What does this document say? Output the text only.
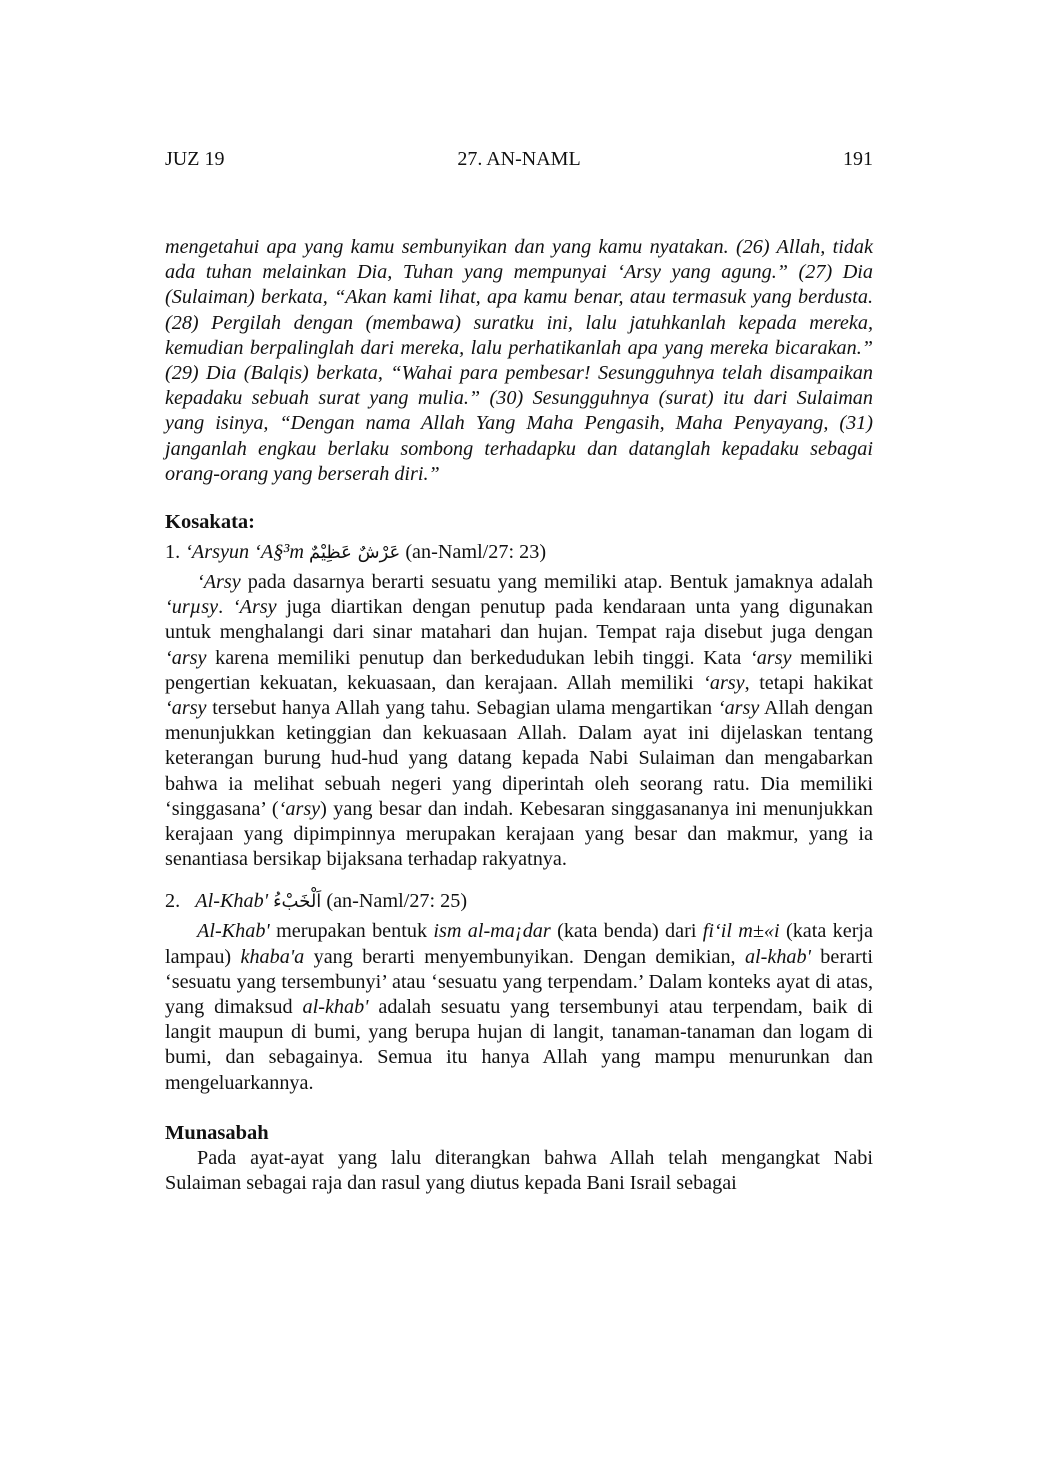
JUZ 19	27. AN-NAML	191

mengetahui apa yang kamu sembunyikan dan yang kamu nyatakan. (26) Allah, tidak ada tuhan melainkan Dia, Tuhan yang mempunyai ‘Arsy yang agung.” (27) Dia (Sulaiman) berkata, “Akan kami lihat, apa kamu benar, atau termasuk yang berdusta. (28) Pergilah dengan (membawa) suratku ini, lalu jatuhkanlah kepada mereka, kemudian berpalinglah dari mereka, lalu perhatikanlah apa yang mereka bicarakan.” (29) Dia (Balqis) berkata, “Wahai para pembesar! Sesungguhnya telah disampaikan kepadaku sebuah surat yang mulia.” (30) Sesungguhnya (surat) itu dari Sulaiman yang isinya, “Dengan nama Allah Yang Maha Pengasih, Maha Penyayang, (31) janganlah engkau berlaku sombong terhadapku dan datanglah kepadaku sebagai orang-orang yang berserah diri.”

Kosakata:
1. ‘Arsyun ‘A§³m عَرْشٌ عَظِيْمٌ (an-Naml/27: 23)

‘Arsy pada dasarnya berarti sesuatu yang memiliki atap. Bentuk jamaknya adalah ‘urµsy. ‘Arsy juga diartikan dengan penutup pada kendaraan unta yang digunakan untuk menghalangi dari sinar matahari dan hujan. Tempat raja disebut juga dengan ‘arsy karena memiliki penutup dan berkedudukan lebih tinggi. Kata ‘arsy memiliki pengertian kekuatan, kekuasaan, dan kerajaan. Allah memiliki ‘arsy, tetapi hakikat ‘arsy tersebut hanya Allah yang tahu. Sebagian ulama mengartikan ‘arsy Allah dengan menunjukkan ketinggian dan kekuasaan Allah. Dalam ayat ini dijelaskan tentang keterangan burung hud-hud yang datang kepada Nabi Sulaiman dan mengabarkan bahwa ia melihat sebuah negeri yang diperintah oleh seorang ratu. Dia memiliki ‘singgasana’ (‘arsy) yang besar dan indah. Kebesaran singgasananya ini menunjukkan kerajaan yang dipimpinnya merupakan kerajaan yang besar dan makmur, yang ia senantiasa bersikap bijaksana terhadap rakyatnya.

2. Al-Khab' اَلْخَبْءُ (an-Naml/27: 25)

Al-Khab' merupakan bentuk ism al-ma¡dar (kata benda) dari fi‘il m±«i (kata kerja lampau) khaba'a yang berarti menyembunyikan. Dengan demikian, al-khab' berarti ‘sesuatu yang tersembunyi’ atau ‘sesuatu yang terpendam.’ Dalam konteks ayat di atas, yang dimaksud al-khab' adalah sesuatu yang tersembunyi atau terpendam, baik di langit maupun di bumi, yang berupa hujan di langit, tanaman-tanaman dan logam di bumi, dan sebagainya. Semua itu hanya Allah yang mampu menurunkan dan mengeluarkannya.

Munasabah

Pada ayat-ayat yang lalu diterangkan bahwa Allah telah mengangkat Nabi Sulaiman sebagai raja dan rasul yang diutus kepada Bani Israil sebagai
